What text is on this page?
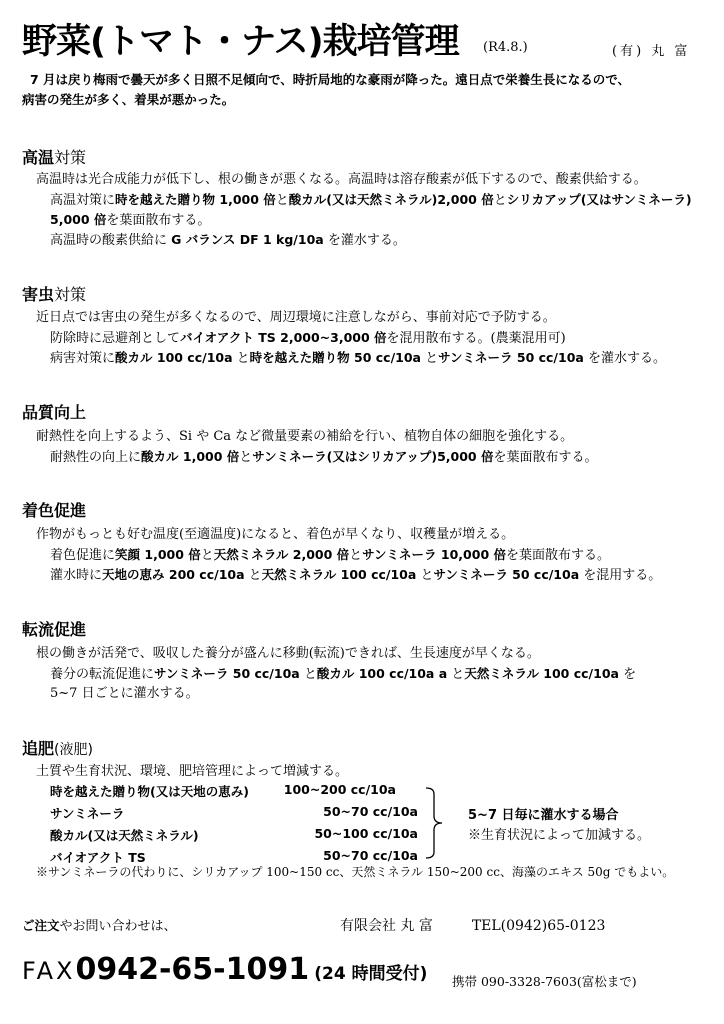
野菜(トマト・ナス)栽培管理 (R4.8.)	(有) 丸 富
7 月は戻り梅雨で曇天が多く日照不足傾向で、時折局地的な豪雨が降った。遠日点で栄養生長になるので、
病害の発生が多く、着果が悪かった。
高温対策
高温時は光合成能力が低下し、根の働きが悪くなる。高温時は溶存酸素が低下するので、酸素供給する。
高温対策に時を越えた贈り物 1,000 倍と酸カル(又は天然ミネラル)2,000 倍とシリカアップ(又はサンミネーラ)
5,000 倍を葉面散布する。
高温時の酸素供給に G バランス DF 1 kg/10a を灌水する。
害虫対策
近日点では害虫の発生が多くなるので、周辺環境に注意しながら、事前対応で予防する。
防除時に忌避剤としてバイオアクト TS 2,000~3,000 倍を混用散布する。(農薬混用可)
病害対策に酸カル 100 cc/10a と時を越えた贈り物 50 cc/10a とサンミネーラ 50 cc/10a を灌水する。
品質向上
耐熱性を向上するよう、Si や Ca など微量要素の補給を行い、植物自体の細胞を強化する。
耐熱性の向上に酸カル 1,000 倍とサンミネーラ(又はシリカアップ)5,000 倍を葉面散布する。
着色促進
作物がもっとも好む温度(至適温度)になると、着色が早くなり、収穫量が増える。
着色促進に笑顔 1,000 倍と天然ミネラル 2,000 倍とサンミネーラ 10,000 倍を葉面散布する。
灌水時に天地の恵み 200 cc/10a と天然ミネラル 100 cc/10a とサンミネーラ 50 cc/10a を混用する。
転流促進
根の働きが活発で、吸収した養分が盛んに移動(転流)できれば、生長速度が早くなる。
養分の転流促進にサンミネーラ 50 cc/10a と酸カル 100 cc/10a a と天然ミネラル 100 cc/10a を
5~7 日ごとに灌水する。
追肥(液肥)
土質や生育状況、環境、肥培管理によって増減する。
時を越えた贈り物(又は天地の恵み)	100~200 cc/10a
サンミネーラ	50~70 cc/10a
酸カル(又は天然ミネラル)	50~100 cc/10a
バイオアクト TS	50~70 cc/10a
5~7 日毎に灌水する場合
※生育状況によって加減する。
※サンミネーラの代わりに、シリカアップ 100~150 cc、天然ミネラル 150~200 cc、海藻のエキス 50g でもよい。
ご注文やお問い合わせは、	有限会社 丸 富	TEL(0942)65-0123
FAX0942-65-1091 (24 時間受付) 携帯 090-3328-7603(富松まで)
